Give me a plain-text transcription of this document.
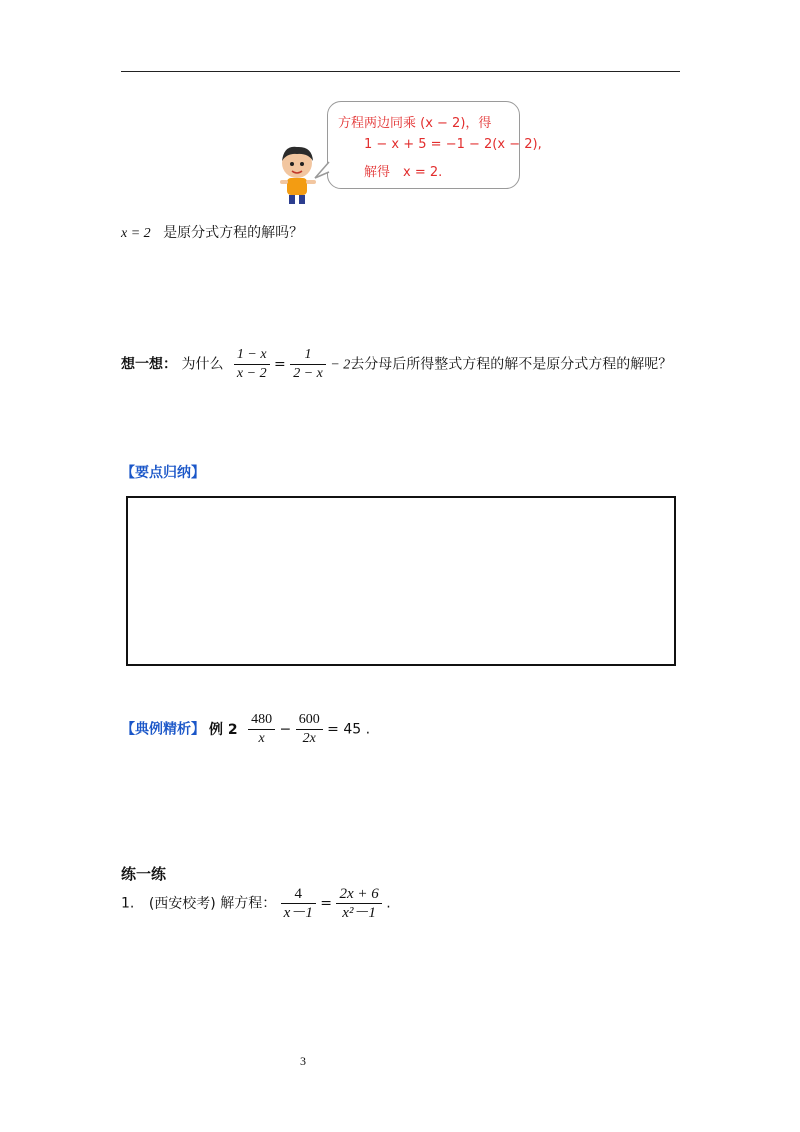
方程两边同乘 (x − 2)，得
1 − x + 5 = −1 − 2(x − 2),
解得　x = 2.
x = 2 是原分式方程的解吗？
想一想： 为什么 $\frac{1 - x}{x - 2} = \frac{1}{2 - x} - 2$去分母后所得整式方程的解不是原分式方程的解呢？
【要点归纳】
【典例精析】 例 $2 \frac{480}{x} - \frac{600}{2x} = 45$ .
练一练
1. (西安校考) 解方程： $\frac{4}{x-1} = \frac{2x + 6}{\text{x²－1}}$ .
3
